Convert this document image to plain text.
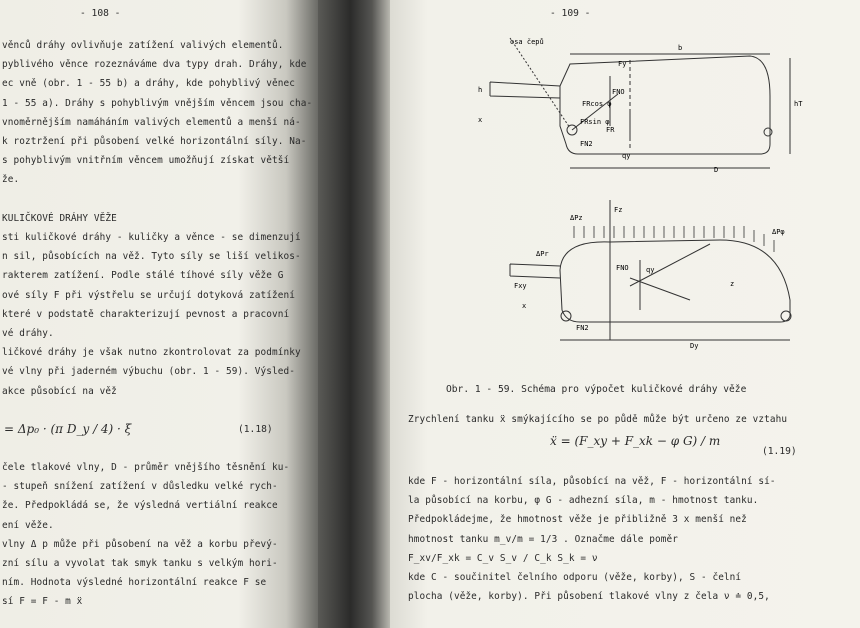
- 108 -
věnců dráhy ovlivňuje zatížení valivých elementů.
pyblivého věnce rozeznáváme dva typy drah. Dráhy, kde
ec vně (obr. 1 - 55 b) a dráhy, kde pohyblivý věnec
1 - 55 a). Dráhy s pohyblivým vnějším věncem jsou cha-
vnoměrnějším namáháním valivých elementů a menší ná-
k roztržení při působení velké horizontální síly. Na-
s pohyblivým vnitřním věncem umožňují získat větší
že.
KULIČKOVÉ DRÁHY VĚŽE
sti kuličkové dráhy - kuličky a věnce - se dimenzují
n sil, působících na věž. Tyto síly se liší velikos-
rakterem zatížení. Podle stálé tíhové síly věže G
ové síly F při výstřelu se určují dotyková zatížení
které v podstatě charakterizují pevnost a pracovní
vé dráhy.
ličkové dráhy je však nutno zkontrolovat za podmínky
vé vlny při jaderném výbuchu (obr. 1 - 59). Výsled-
akce působící na věž
= Δp₀ · (π D_y / 4) · ξ	(1.18)
čele tlakové vlny, D - průměr vnějšího těsnění ku-
- stupeň snížení zatížení v důsledku velké rych-
že. Předpokládá se, že výsledná vertiální reakce
ení věže.
vlny Δ p může při působení na věž a korbu převý-
zní sílu a vyvolat tak smyk tanku s velkým hori-
ním. Hodnota výsledné horizontální reakce F se
sí F = F - m ẍ
- 109 -
osa čepů
b
Fy
FNO
FRcos φ
FRsin φ
FR
FN2
qy
hT
D
x
h
Fz
ΔPr
Fxy
FNO qy
z
x
FN2
Dy
ΔPφ
ΔPz
Obr. 1 - 59. Schéma pro výpočet kuličkové dráhy věže
Zrychlení tanku ẍ smýkajícího se po půdě může být určeno ze vztahu
ẍ = (F_xy + F_xk − φ G) / m
(1.19)
kde F - horizontální síla, působící na věž, F - horizontální sí-
la působící na korbu, φ G - adhezní síla, m - hmotnost tanku.
Předpokládejme, že hmotnost věže je přibližně 3 x menší než
hmotnost tanku m_v/m = 1/3 . Označme dále poměr
F_xv/F_xk = C_v S_v / C_k S_k = ν
kde C - součinitel čelního odporu (věže, korby), S - čelní
plocha (věže, korby). Při působení tlakové vlny z čela ν ≐ 0,5,
